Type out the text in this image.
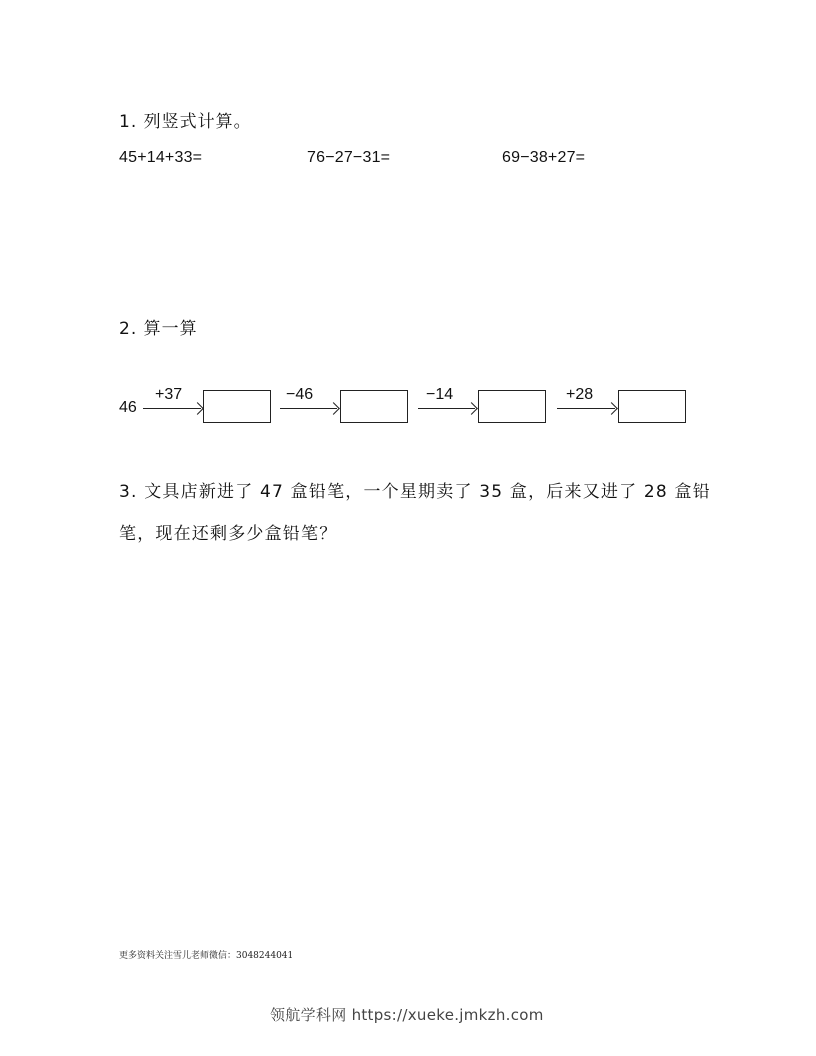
1. 列竖式计算。
45+14+33=	76−27−31=	69−38+27=
2. 算一算
46
+37	−46	−14	+28
3. 文具店新进了 47 盒铅笔，一个星期卖了 35 盒，后来又进了 28 盒铅
笔，现在还剩多少盒铅笔？
更多资料关注雪儿老师微信：3048244041
领航学科网 https://xueke.jmkzh.com
